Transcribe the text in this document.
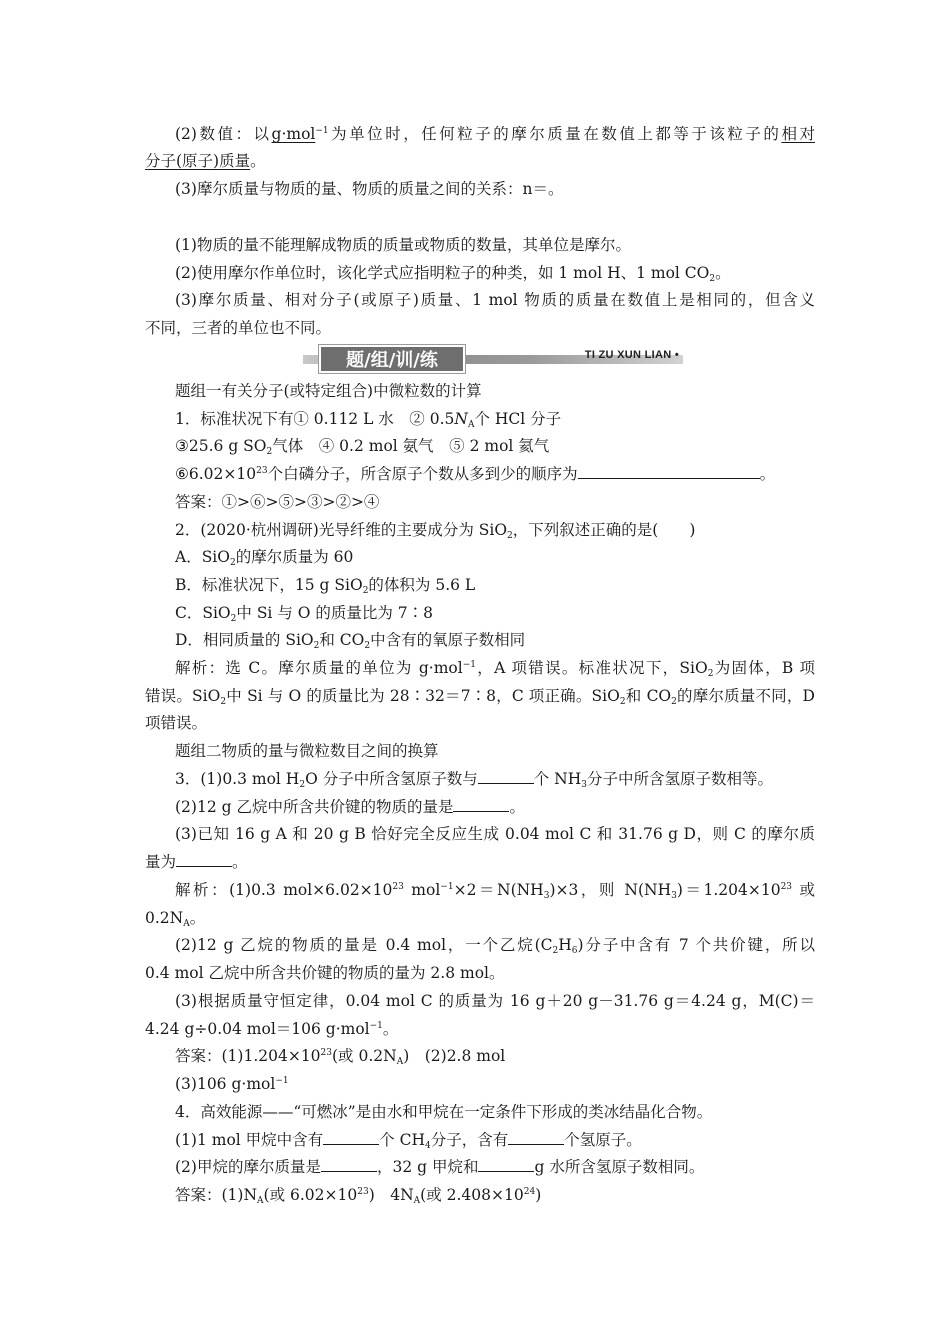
(2)数值：以g·mol$^{-1}$为单位时，任何粒子的摩尔质量在数值上都等于该粒子的相对
分子(原子)质量。
(3)摩尔质量与物质的量、物质的质量之间的关系：n＝。
(1)物质的量不能理解成物质的质量或物质的数量，其单位是摩尔。
(2)使用摩尔作单位时，该化学式应指明粒子的种类，如 1 mol H、1 mol $CO_2$。
(3)摩尔质量、相对分子(或原子)质量、1 mol 物质的质量在数值上是相同的，但含义
不同，三者的单位也不同。
题/组/训/练	TI ZU XUN LIAN •
题组一有关分子(或特定组合)中微粒数的计算
1．标准状况下有① 0.112 L 水　② $0.5N_A$个 HCl 分子
③25.6 g $SO_2$气体　④ 0.2 mol 氨气　⑤ 2 mol 氦气
$⑥6.02\times 10^{23}$个白磷分子，所含原子个数从多到少的顺序为	。
答案：①>⑥>⑤>③>②>④
2．(2020·杭州调研)光导纤维的主要成分为 SiO$_2$，下列叙述正确的是(　　)
A．SiO$_2$的摩尔质量为 60
B．标准状况下，15 g SiO$_2$的体积为 5.6 L
C．SiO$_2$中 Si 与 O 的质量比为 7∶8
D．相同质量的 SiO$_2$和 $CO_2$中含有的氧原子数相同
解析：选 C。摩尔质量的单位为 g·mol$^{-1}$，A 项错误。标准状况下，SiO$_2$为固体，B 项
错误。SiO$_2$中 Si 与 O 的质量比为 28∶32＝7∶8，C 项正确。SiO$_2$和 $CO_2$的摩尔质量不同，D
项错误。
题组二物质的量与微粒数目之间的换算
3．(1)0.3 mol $H_2O$ 分子中所含氢原子数与	个 $NH_3$分子中所含氢原子数相等。
(2)12 g 乙烷中所含共价键的物质的量是	。
(3)已知 16 g A 和 20 g B 恰好完全反应生成 0.04 mol C 和 31.76 g D，则 C 的摩尔质
量为	。
解析：(1)0.3 $mol\times 6.02\times 10^{23}$ $mol^{-1}\times 2=N(NH_3)\times 3$，则 $N(NH_3)=1.204\times 10^{23}$ 或
$0.2N_A$。
(2)12 g 乙烷的物质的量是 0.4 mol，一个乙烷$(C_2H_6)$分子中含有 7 个共价键，所以
0.4 mol 乙烷中所含共价键的物质的量为 2.8 mol。
(3)根据质量守恒定律，0.04 mol C 的质量为 16 g＋20 g－31.76 g＝4.24 g，M(C)＝
4.24 g÷0.04 mol＝106 g·mol$^{-1}$。
答案：$(1)1.204\times 10^{23}$(或 $0.2N_A$)　(2)2.8 mol
(3)106 g·mol$^{-1}$
4．高效能源——“可燃冰”是由水和甲烷在一定条件下形成的类冰结晶化合物。
(1)1 mol 甲烷中含有	个 $CH_4$分子，含有	个氢原子。
(2)甲烷的摩尔质量是	，32 g 甲烷和	g 水所含氢原子数相同。
答案：$(1)N_A$(或 $6.02\times 10^{23}$)　$4N_A$(或 $2.408\times 10^{24}$)
